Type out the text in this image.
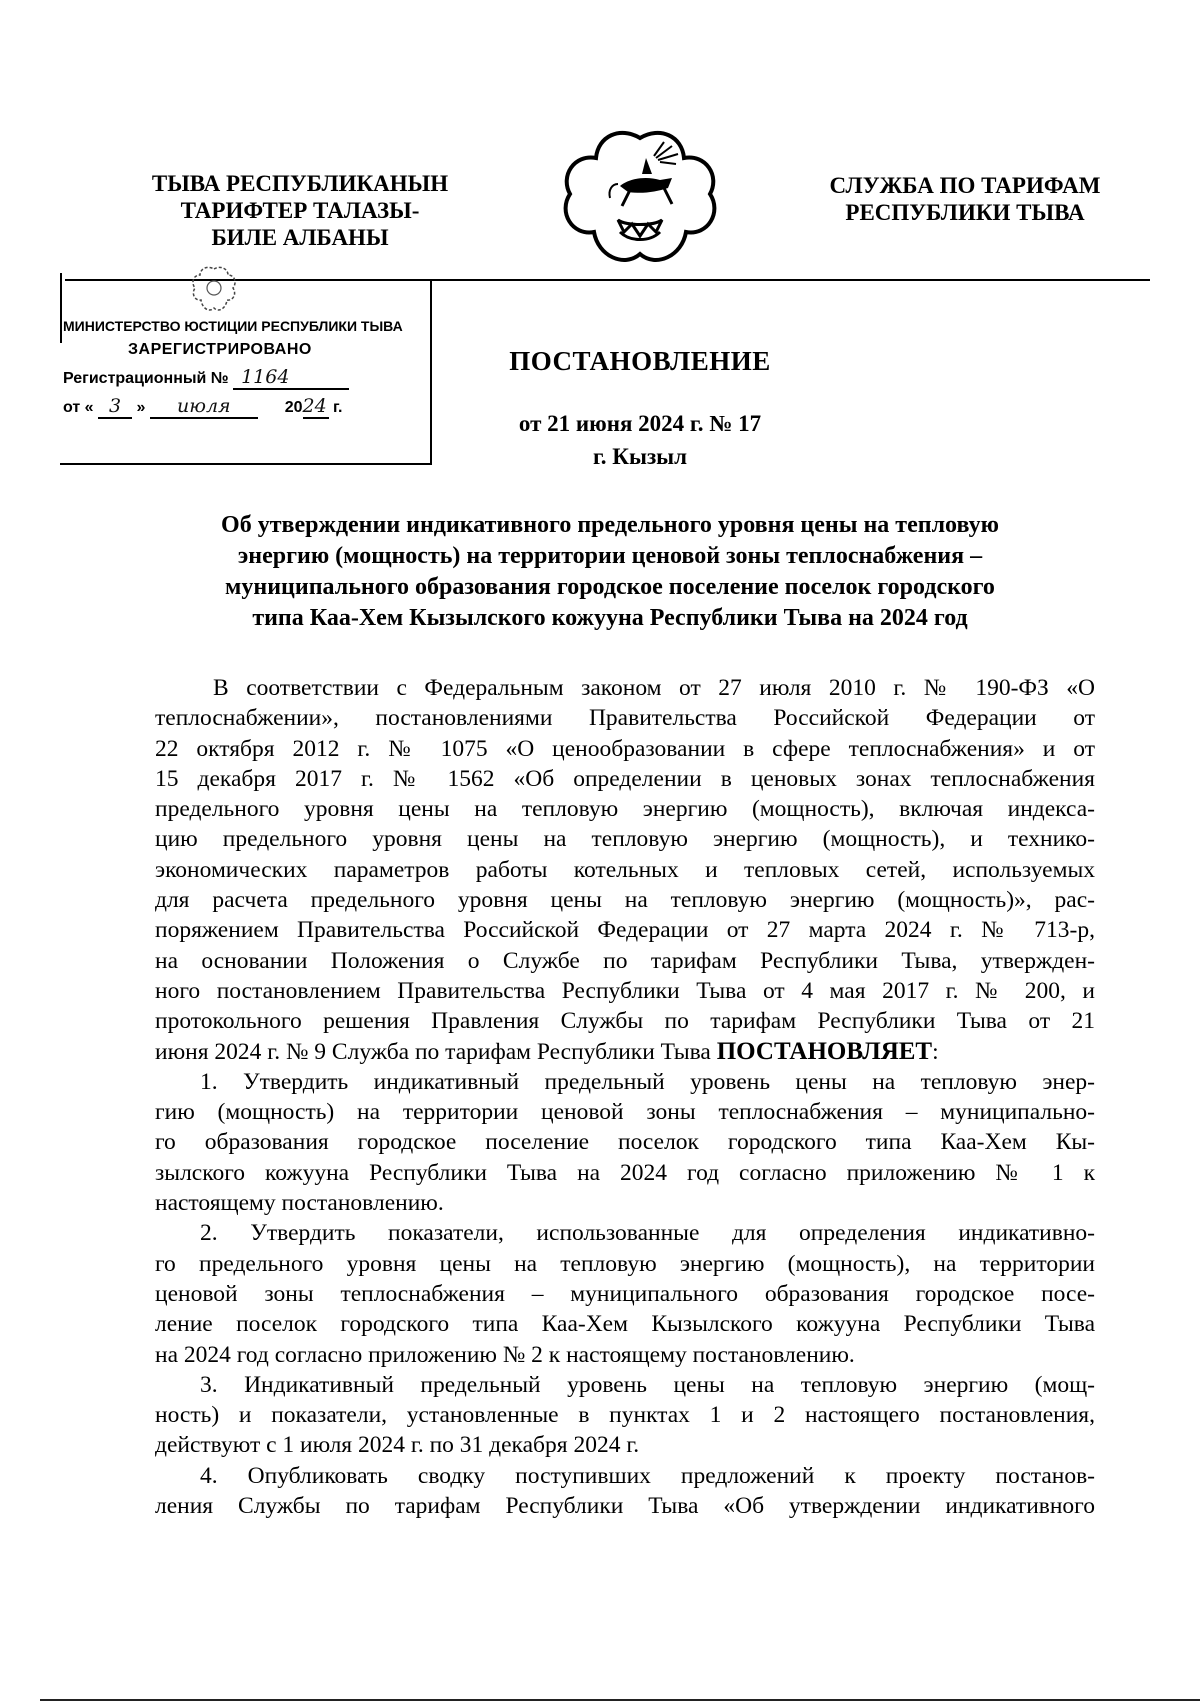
ТЫВА РЕСПУБЛИКАНЫН
ТАРИФТЕР ТАЛАЗЫ-
БИЛЕ АЛБАНЫ
СЛУЖБА ПО ТАРИФАМ
РЕСПУБЛИКИ ТЫВА
МИНИСТЕРСТВО ЮСТИЦИИ РЕСПУБЛИКИ ТЫВА
ЗАРЕГИСТРИРОВАНО
Регистрационный № 1164
от « 3 » июля	2024 г.
ПОСТАНОВЛЕНИЕ
от 21 июня 2024 г. № 17
г. Кызыл
Об утверждении индикативного предельного уровня цены на тепловую
энергию (мощность) на территории ценовой зоны теплоснабжения –
муниципального образования городское поселение поселок городского
типа Каа-Хем Кызылского кожууна Республики Тыва на 2024 год
В соответствии с Федеральным законом от 27 июля 2010 г. № 190-ФЗ «О
теплоснабжении», постановлениями Правительства Российской Федерации от
22 октября 2012 г. № 1075 «О ценообразовании в сфере теплоснабжения» и от
15 декабря 2017 г. № 1562 «Об определении в ценовых зонах теплоснабжения
предельного уровня цены на тепловую энергию (мощность), включая индекса-
цию предельного уровня цены на тепловую энергию (мощность), и технико-
экономических параметров работы котельных и тепловых сетей, используемых
для расчета предельного уровня цены на тепловую энергию (мощность)», рас-
поряжением Правительства Российской Федерации от 27 марта 2024 г. № 713-р,
на основании Положения о Службе по тарифам Республики Тыва, утвержден-
ного постановлением Правительства Республики Тыва от 4 мая 2017 г. № 200, и
протокольного решения Правления Службы по тарифам Республики Тыва от 21
июня 2024 г. № 9 Служба по тарифам Республики Тыва ПОСТАНОВЛЯЕТ:
1. Утвердить индикативный предельный уровень цены на тепловую энер-
гию (мощность) на территории ценовой зоны теплоснабжения – муниципально-
го образования городское поселение поселок городского типа Каа-Хем Кы-
зылского кожууна Республики Тыва на 2024 год согласно приложению № 1 к
настоящему постановлению.
2. Утвердить показатели, использованные для определения индикативно-
го предельного уровня цены на тепловую энергию (мощность), на территории
ценовой зоны теплоснабжения – муниципального образования городское посе-
ление поселок городского типа Каа-Хем Кызылского кожууна Республики Тыва
на 2024 год согласно приложению № 2 к настоящему постановлению.
3. Индикативный предельный уровень цены на тепловую энергию (мощ-
ность) и показатели, установленные в пунктах 1 и 2 настоящего постановления,
действуют с 1 июля 2024 г. по 31 декабря 2024 г.
4. Опубликовать сводку поступивших предложений к проекту постанов-
ления Службы по тарифам Республики Тыва «Об утверждении индикативного
